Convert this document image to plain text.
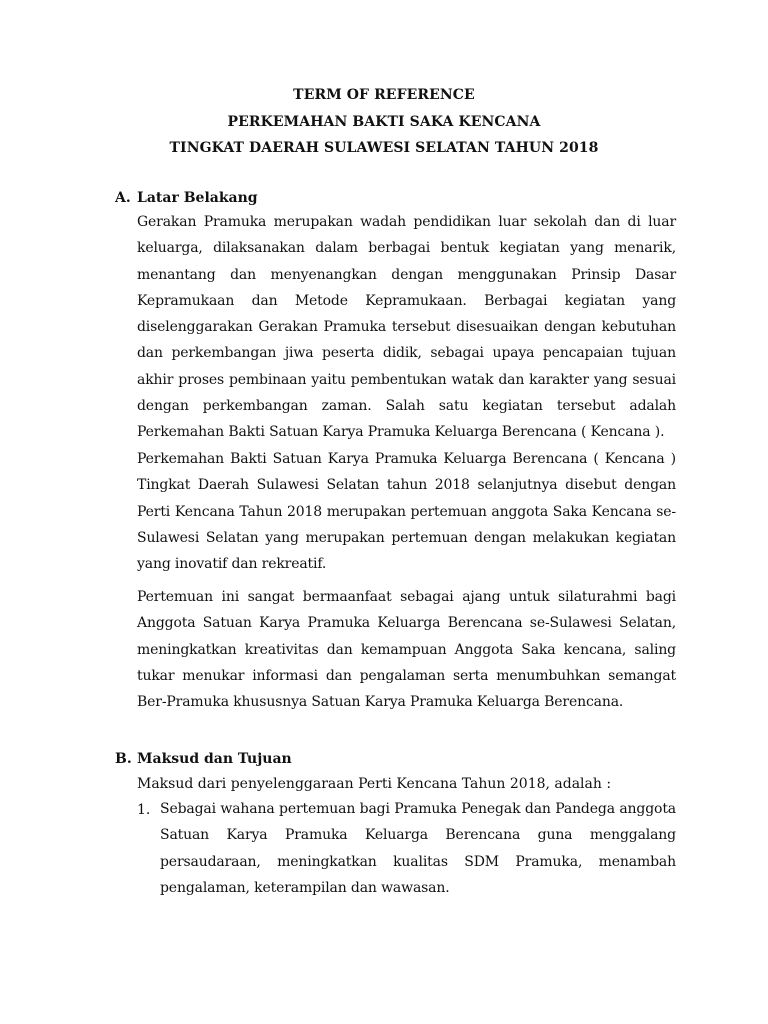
TERM OF REFERENCE
PERKEMAHAN BAKTI SAKA KENCANA
TINGKAT DAERAH SULAWESI SELATAN TAHUN 2018
A. Latar Belakang

Gerakan Pramuka merupakan wadah pendidikan luar sekolah dan di luar keluarga, dilaksanakan dalam berbagai bentuk kegiatan yang menarik, menantang dan menyenangkan dengan menggunakan Prinsip Dasar Kepramukaan dan Metode Kepramukaan. Berbagai kegiatan yang diselenggarakan Gerakan Pramuka tersebut disesuaikan dengan kebutuhan dan perkembangan jiwa peserta didik, sebagai upaya pencapaian tujuan akhir proses pembinaan yaitu pembentukan watak dan karakter yang sesuai dengan perkembangan zaman. Salah satu kegiatan tersebut adalah Perkemahan Bakti Satuan Karya Pramuka Keluarga Berencana ( Kencana ).

Perkemahan Bakti Satuan Karya Pramuka Keluarga Berencana ( Kencana ) Tingkat Daerah Sulawesi Selatan tahun 2018 selanjutnya disebut dengan Perti Kencana Tahun 2018 merupakan pertemuan anggota Saka Kencana se-Sulawesi Selatan yang merupakan pertemuan dengan melakukan kegiatan yang inovatif dan rekreatif.

Pertemuan ini sangat bermaanfaat sebagai ajang untuk silaturahmi bagi Anggota Satuan Karya Pramuka Keluarga Berencana se-Sulawesi Selatan, meningkatkan kreativitas dan kemampuan Anggota Saka kencana, saling tukar menukar informasi dan pengalaman serta menumbuhkan semangat Ber-Pramuka khususnya Satuan Karya Pramuka Keluarga Berencana.

B. Maksud dan Tujuan

Maksud dari penyelenggaraan Perti Kencana Tahun 2018, adalah :

1. Sebagai wahana pertemuan bagi Pramuka Penegak dan Pandega anggota Satuan Karya Pramuka Keluarga Berencana guna menggalang persaudaraan, meningkatkan kualitas SDM Pramuka, menambah pengalaman, keterampilan dan wawasan.
